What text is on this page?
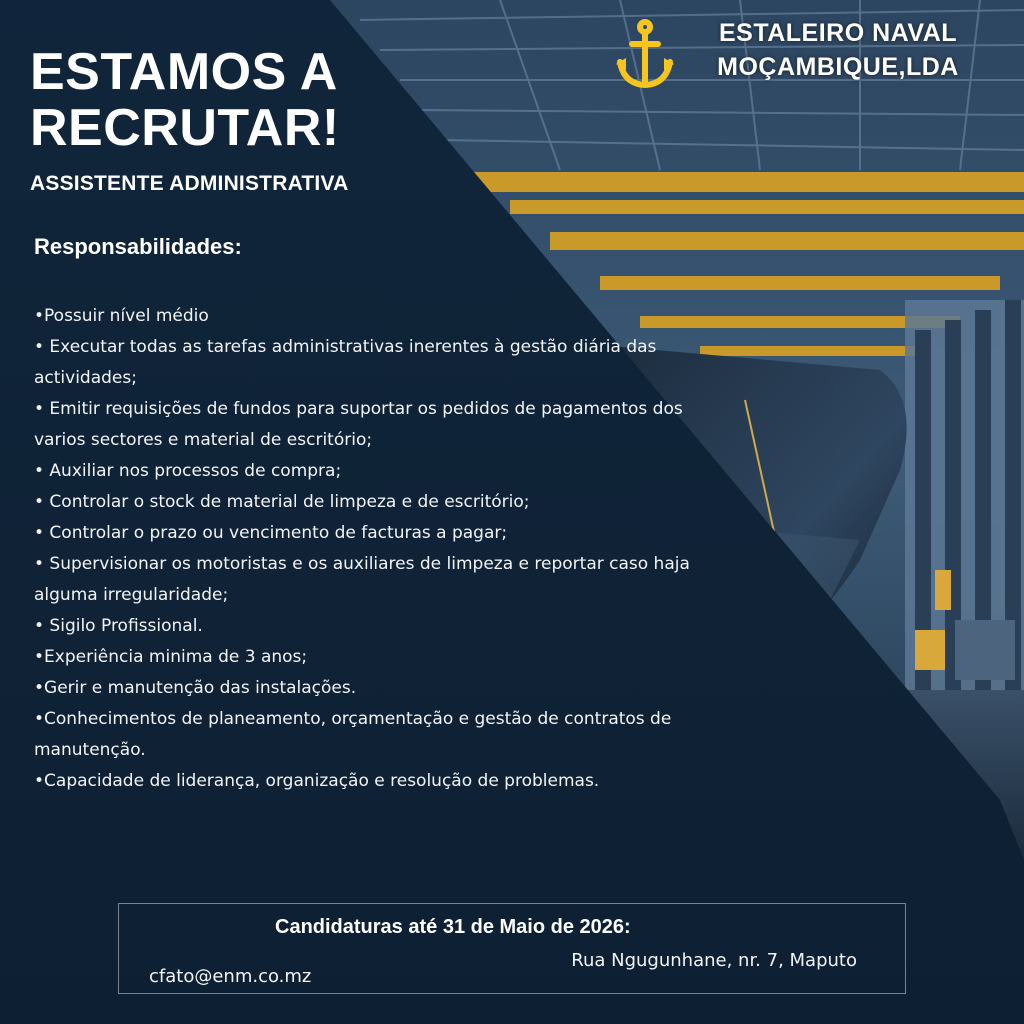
ESTAMOS A RECRUTAR!
ASSISTENTE ADMINISTRATIVA
ESTALEIRO NAVAL MOÇAMBIQUE,LDA
Responsabilidades:
•Possuir nível médio
• Executar todas as tarefas administrativas inerentes à gestão diária das actividades;
• Emitir requisições de fundos para suportar os pedidos de pagamentos dos varios sectores e material de escritório;
• Auxiliar nos processos de compra;
• Controlar o stock de material de limpeza e de escritório;
• Controlar o prazo ou vencimento de facturas a pagar;
• Supervisionar os motoristas e os auxiliares de limpeza e reportar caso haja alguma irregularidade;
• Sigilo Profissional.
•Experiência minima de 3 anos;
•Gerir e manutenção das instalações.
•Conhecimentos de planeamento, orçamentação e gestão de contratos de manutenção.
•Capacidade de liderança, organização e resolução de problemas.
Candidaturas até 31 de Maio de 2026:
Rua Ngugunhane, nr. 7, Maputo
cfato@enm.co.mz
